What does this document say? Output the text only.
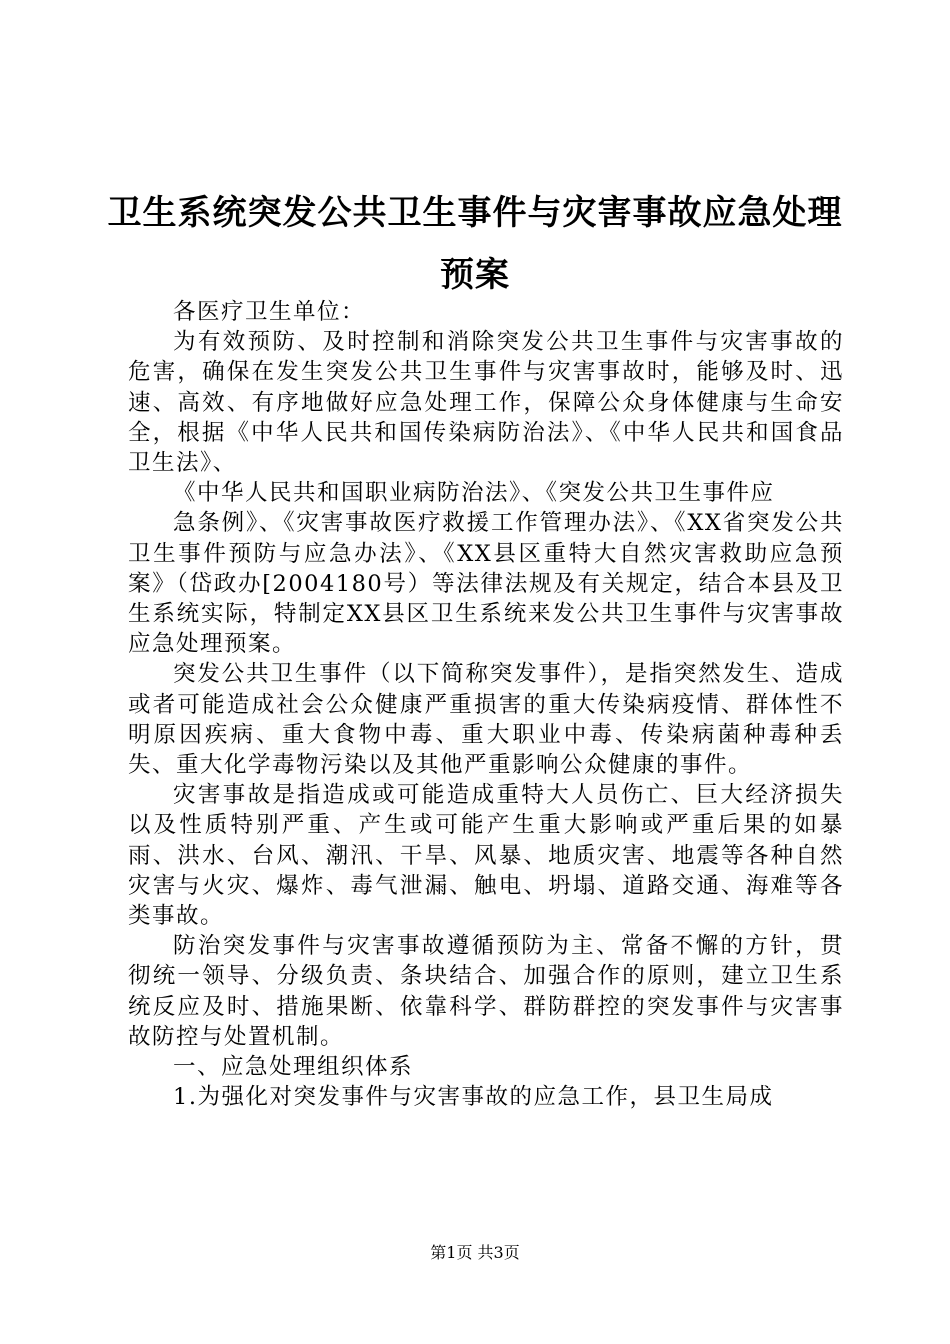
卫生系统突发公共卫生事件与灾害事故应急处理预案

各医疗卫生单位：

为有效预防、及时控制和消除突发公共卫生事件与灾害事故的危害，确保在发生突发公共卫生事件与灾害事故时，能够及时、迅速、高效、有序地做好应急处理工作，保障公众身体健康与生命安全，根据《中华人民共和国传染病防治法》、《中华人民共和国食品卫生法》、

《中华人民共和国职业病防治法》、《突发公共卫生事件应

急条例》、《灾害事故医疗救援工作管理办法》、《XX省突发公共卫生事件预防与应急办法》、《XX县区重特大自然灾害救助应急预案》（岱政办[2004180号）等法律法规及有关规定，结合本县及卫生系统实际，特制定XX县区卫生系统来发公共卫生事件与灾害事故应急处理预案。

突发公共卫生事件（以下简称突发事件），是指突然发生、造成或者可能造成社会公众健康严重损害的重大传染病疫情、群体性不明原因疾病、重大食物中毒、重大职业中毒、传染病菌种毒种丢失、重大化学毒物污染以及其他严重影响公众健康的事件。

灾害事故是指造成或可能造成重特大人员伤亡、巨大经济损失以及性质特别严重、产生或可能产生重大影响或严重后果的如暴雨、洪水、台风、潮汛、干旱、风暴、地质灾害、地震等各种自然灾害与火灾、爆炸、毒气泄漏、触电、坍塌、道路交通、海难等各类事故。

防治突发事件与灾害事故遵循预防为主、常备不懈的方针，贯彻统一领导、分级负责、条块结合、加强合作的原则，建立卫生系统反应及时、措施果断、依靠科学、群防群控的突发事件与灾害事故防控与处置机制。

一、应急处理组织体系

1.为强化对突发事件与灾害事故的应急工作，县卫生局成

第1页 共3页
